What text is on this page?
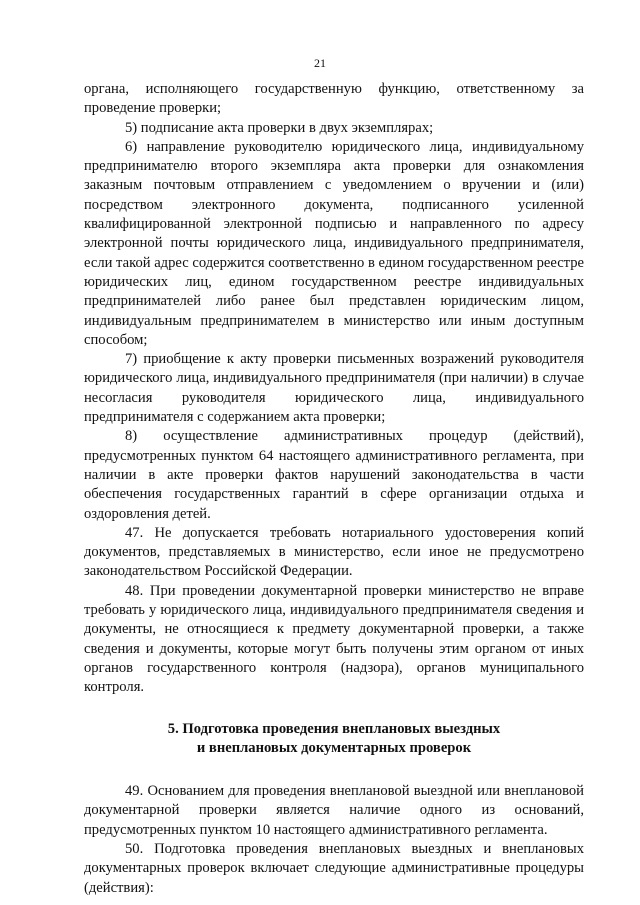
21

органа, исполняющего государственную функцию, ответственному за проведение проверки;

5) подписание акта проверки в двух экземплярах;

6) направление руководителю юридического лица, индивидуальному предпринимателю второго экземпляра акта проверки для ознакомления заказным почтовым отправлением с уведомлением о вручении и (или) посредством электронного документа, подписанного усиленной квалифицированной электронной подписью и направленного по адресу электронной почты юридического лица, индивидуального предпринимателя, если такой адрес содержится соответственно в едином государственном реестре юридических лиц, едином государственном реестре индивидуальных предпринимателей либо ранее был представлен юридическим лицом, индивидуальным предпринимателем в министерство или иным доступным способом;

7) приобщение к акту проверки письменных возражений руководителя юридического лица, индивидуального предпринимателя (при наличии) в случае несогласия руководителя юридического лица, индивидуального предпринимателя с содержанием акта проверки;

8) осуществление административных процедур (действий), предусмотренных пунктом 64 настоящего административного регламента, при наличии в акте проверки фактов нарушений законодательства в части обеспечения государственных гарантий в сфере организации отдыха и оздоровления детей.

47. Не допускается требовать нотариального удостоверения копий документов, представляемых в министерство, если иное не предусмотрено законодательством Российской Федерации.

48. При проведении документарной проверки министерство не вправе требовать у юридического лица, индивидуального предпринимателя сведения и документы, не относящиеся к предмету документарной проверки, а также сведения и документы, которые могут быть получены этим органом от иных органов государственного контроля (надзора), органов муниципального контроля.

5. Подготовка проведения внеплановых выездных

и внеплановых документарных проверок

49. Основанием для проведения внеплановой выездной или внеплановой документарной проверки является наличие одного из оснований, предусмотренных пунктом 10 настоящего административного регламента.

50. Подготовка проведения внеплановых выездных и внеплановых документарных проверок включает следующие административные процедуры (действия):
